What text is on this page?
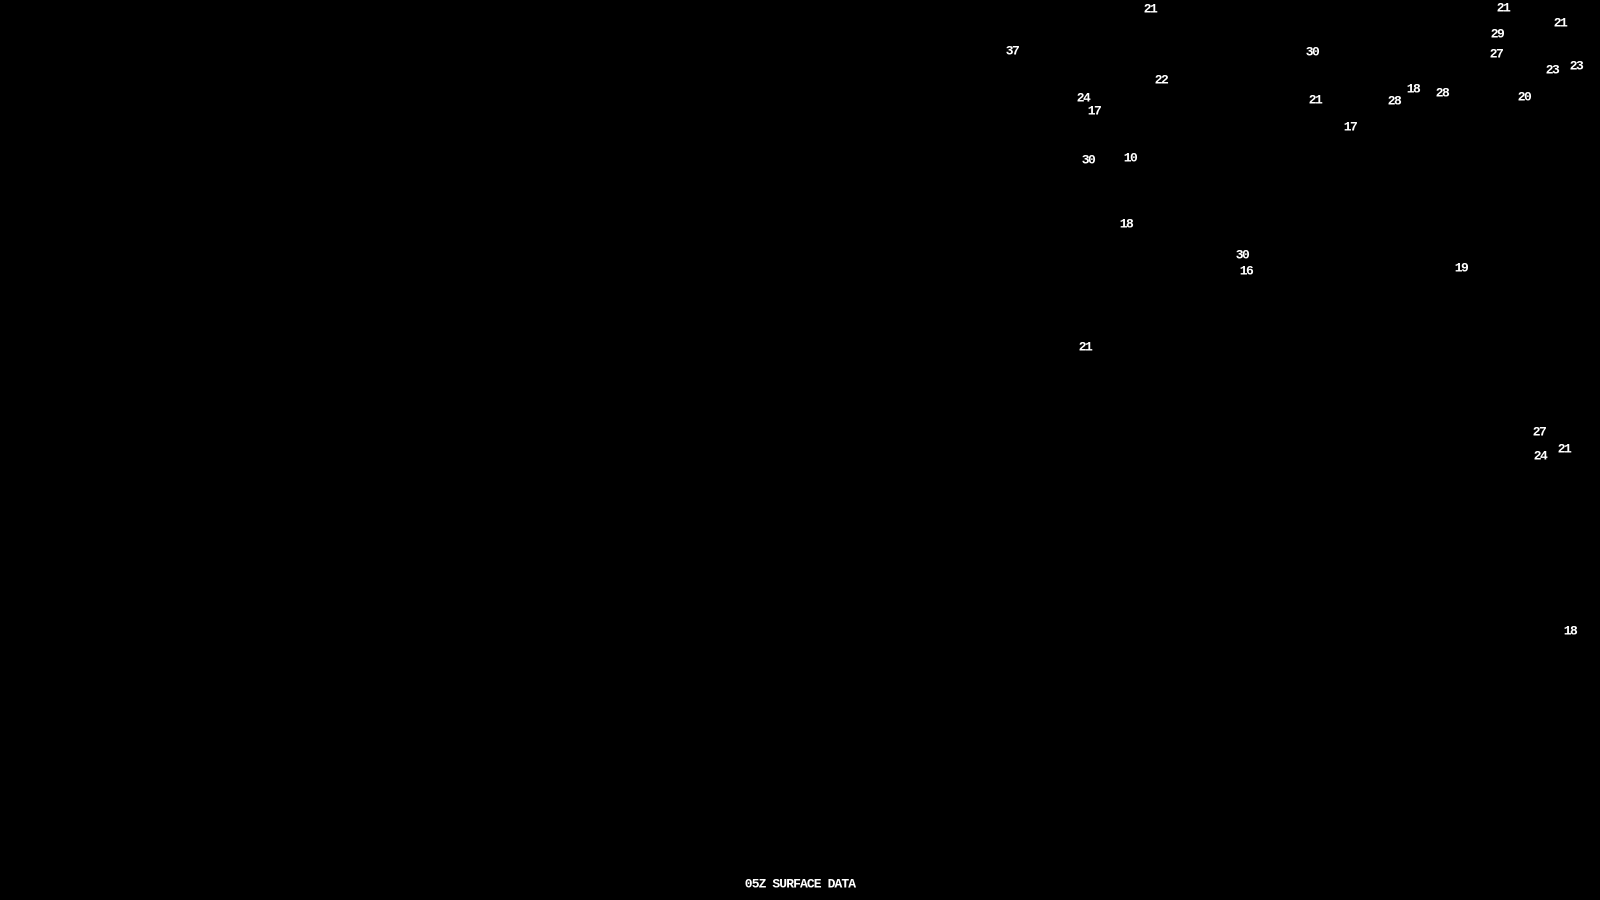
37
21
22
24
17
30 10
18
21
30
21
17
28
18 28
21
29
27
21
23 23
20
30
16	19
27
24 21
18
05Z SURFACE DATA
